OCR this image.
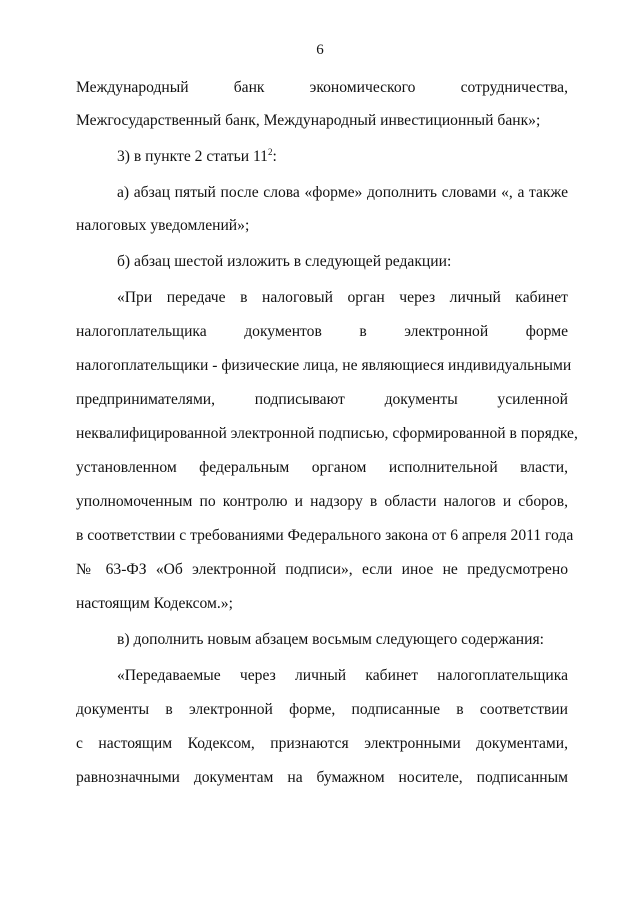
6
Международный банк экономического сотрудничества,
Межгосударственный банк, Международный инвестиционный банк»;
3) в пункте 2 статьи $11^2$:
а) абзац пятый после слова «форме» дополнить словами «, а также
налоговых уведомлений»;
б) абзац шестой изложить в следующей редакции:
«При передаче в налоговый орган через личный кабинет
налогоплательщика документов в электронной форме
налогоплательщики - физические лица, не являющиеся индивидуальными
предпринимателями, подписывают документы усиленной
неквалифицированной электронной подписью, сформированной в порядке,
установленном федеральным органом исполнительной власти,
уполномоченным по контролю и надзору в области налогов и сборов,
в соответствии с требованиями Федерального закона от 6 апреля 2011 года
№ 63-ФЗ «Об электронной подписи», если иное не предусмотрено
настоящим Кодексом.»;
в) дополнить новым абзацем восьмым следующего содержания:
«Передаваемые через личный кабинет налогоплательщика
документы в электронной форме, подписанные в соответствии
с настоящим Кодексом, признаются электронными документами,
равнозначными документам на бумажном носителе, подписанным
